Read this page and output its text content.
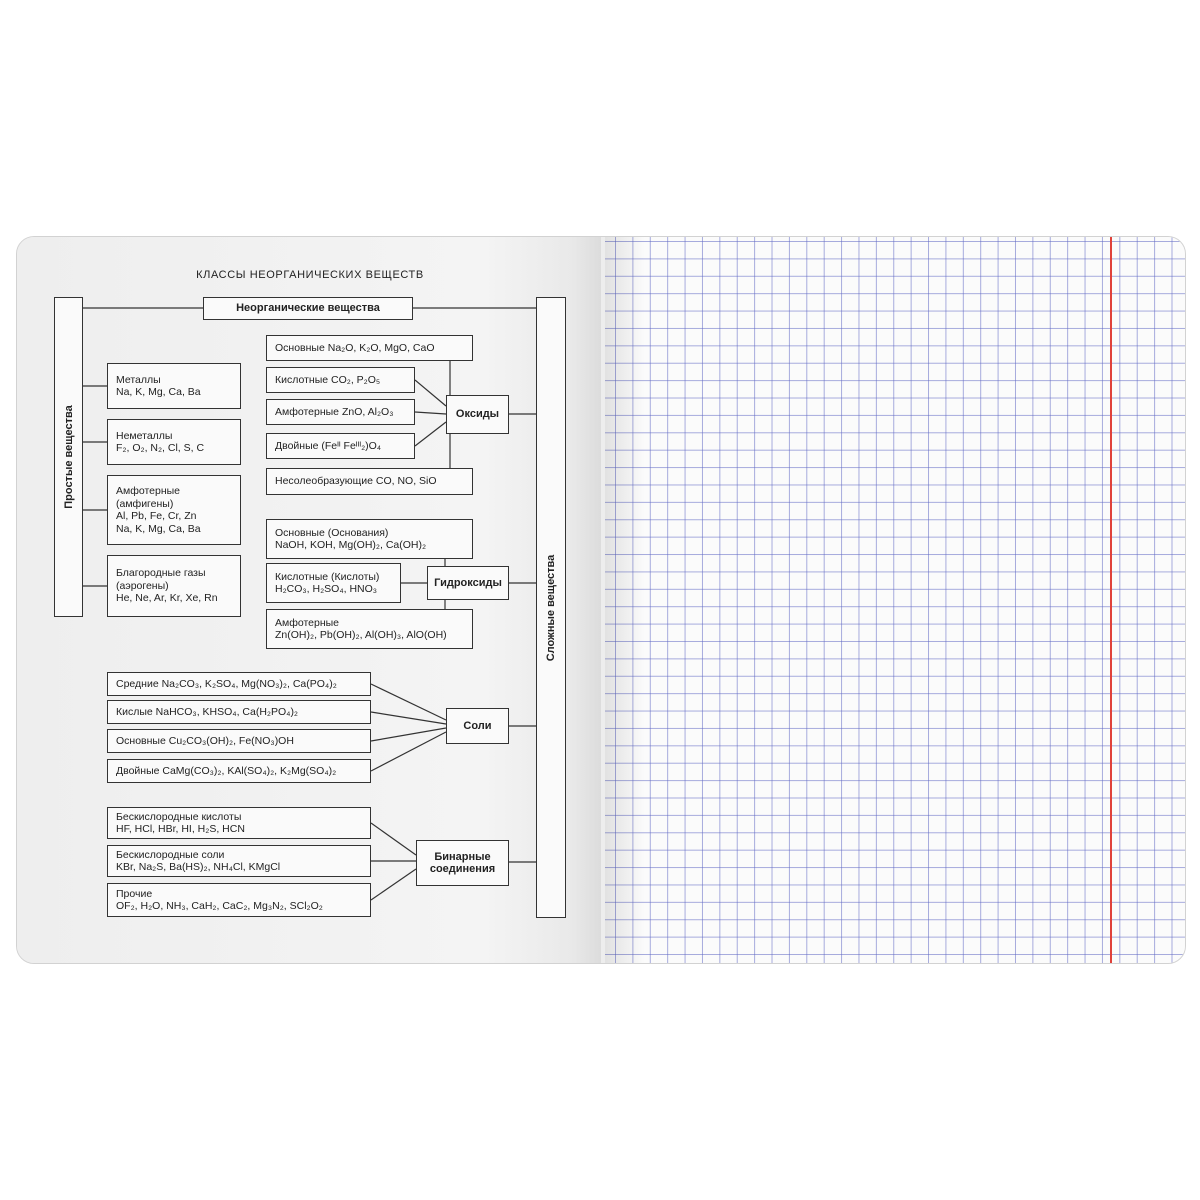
КЛАССЫ НЕОРГАНИЧЕСКИХ ВЕЩЕСТВ
Неорганические вещества
Простые вещества
Сложные вещества
Металлы
Na, K, Mg, Ca, Ba
Неметаллы
F₂, O₂, N₂, Cl, S, C
Амфотерные
(амфигены)
Al, Pb, Fe, Cr, Zn
Na, K, Mg, Ca, Ba
Благородные газы
(аэрогены)
He, Ne, Ar, Kr, Xe, Rn
Основные Na₂O, K₂O, MgO, CaO
Кислотные CO₂, P₂O₅
Амфотерные ZnO, Al₂O₃
Двойные (Feᴵᴵ Feᴵᴵᴵ₂)O₄
Несолеобразующие CO, NO, SiO
Оксиды
Основные (Основания)
NaOH, KOH, Mg(OH)₂, Ca(OH)₂
Кислотные (Кислоты)
H₂CO₃, H₂SO₄, HNO₃
Амфотерные
Zn(OH)₂, Pb(OH)₂, Al(OH)₃, AlO(OH)
Гидроксиды
Средние Na₂CO₃, K₂SO₄, Mg(NO₃)₂, Ca(PO₄)₂
Кислые NaHCO₃, KHSO₄, Ca(H₂PO₄)₂
Основные Cu₂CO₃(OH)₂, Fe(NO₃)OH
Двойные CaMg(CO₃)₂, KAl(SO₄)₂, K₂Mg(SO₄)₂
Соли
Бескислородные кислоты
HF, HCl, HBr, HI, H₂S, HCN
Бескислородные соли
KBr, Na₂S, Ba(HS)₂, NH₄Cl, KMgCl
Прочие
OF₂, H₂O, NH₃, CaH₂, CaC₂, Mg₃N₂, SCl₂O₂
Бинарные
соединения
